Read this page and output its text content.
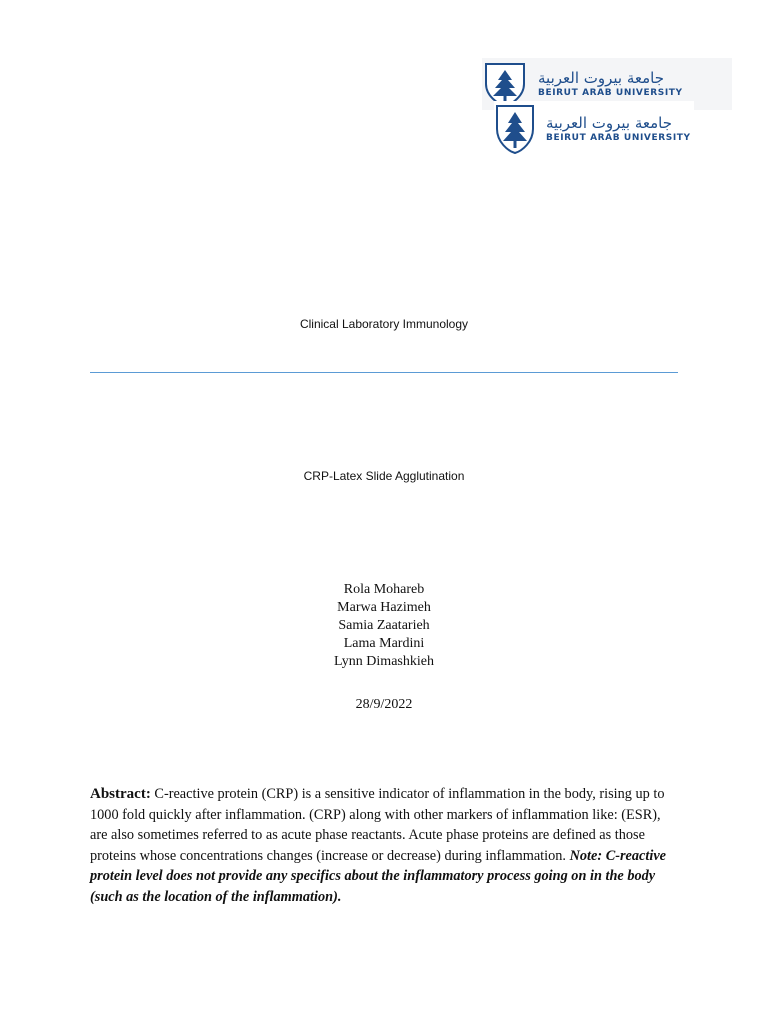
جامعة بيروت العربية
BEIRUT ARAB UNIVERSITY
جامعة بيروت العربية
BEIRUT ARAB UNIVERSITY
Clinical Laboratory Immunology
CRP-Latex Slide Agglutination
Rola Mohareb
Marwa Hazimeh
Samia Zaatarieh
Lama Mardini
Lynn Dimashkieh
28/9/2022
Abstract: C-reactive protein (CRP) is a sensitive indicator of inflammation in the body, rising up to 1000 fold quickly after inflammation. (CRP) along with other markers of inflammation like: (ESR), are also sometimes referred to as acute phase reactants. Acute phase proteins are defined as those proteins whose concentrations changes (increase or decrease) during inflammation. Note: C-reactive protein level does not provide any specifics about the inflammatory process going on in the body (such as the location of the inflammation).
